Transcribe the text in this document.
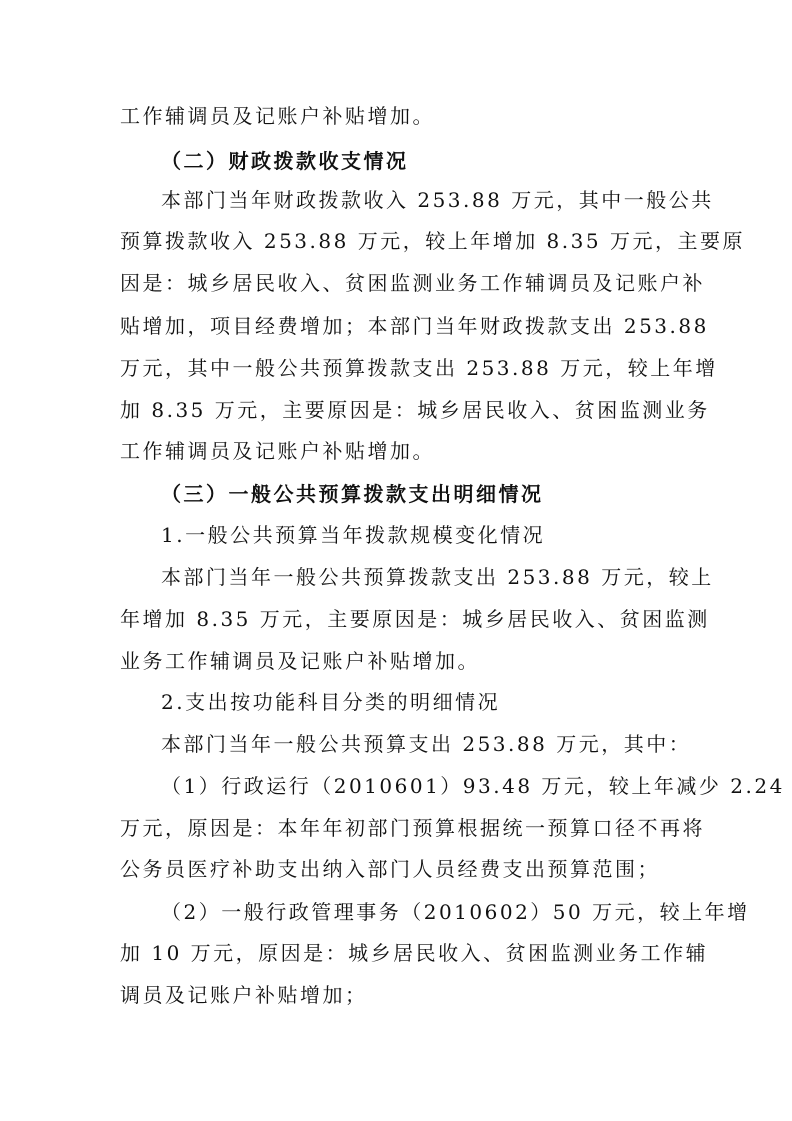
工作辅调员及记账户补贴增加。
（二）财政拨款收支情况
本部门当年财政拨款收入 253.88 万元，其中一般公共
预算拨款收入 253.88 万元，较上年增加 8.35 万元，主要原
因是：城乡居民收入、贫困监测业务工作辅调员及记账户补
贴增加，项目经费增加；本部门当年财政拨款支出 253.88
万元，其中一般公共预算拨款支出 253.88 万元，较上年增
加 8.35 万元，主要原因是：城乡居民收入、贫困监测业务
工作辅调员及记账户补贴增加。
（三）一般公共预算拨款支出明细情况
1.一般公共预算当年拨款规模变化情况
本部门当年一般公共预算拨款支出 253.88 万元，较上
年增加 8.35 万元，主要原因是：城乡居民收入、贫困监测
业务工作辅调员及记账户补贴增加。
2.支出按功能科目分类的明细情况
本部门当年一般公共预算支出 253.88 万元，其中：
（1）行政运行（2010601）93.48 万元，较上年减少 2.24
万元，原因是：本年年初部门预算根据统一预算口径不再将
公务员医疗补助支出纳入部门人员经费支出预算范围；
（2）一般行政管理事务（2010602）50 万元，较上年增
加 10 万元，原因是：城乡居民收入、贫困监测业务工作辅
调员及记账户补贴增加；
